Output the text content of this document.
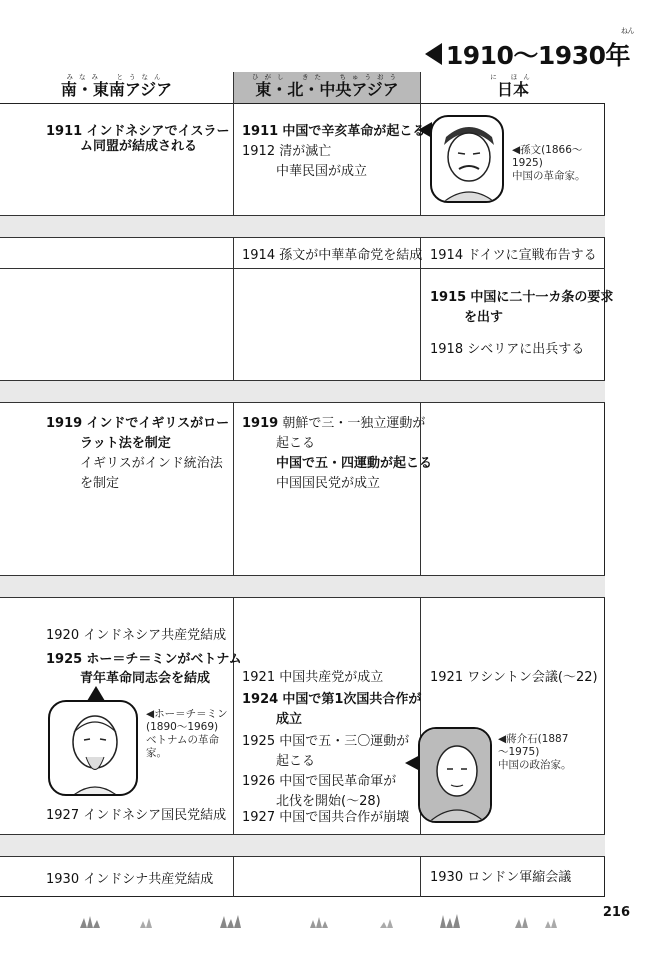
1910～1930年
ねん
みなみ　とうなん
南・東南アジア
ひがし　きた　ちゅうおう
東・北・中央アジア
に ほん
日本
1911 インドネシアでイスラー
ム同盟が結成される
1919 インドでイギリスがロー
ラット法を制定
イギリスがインド統治法
を制定
1920 インドネシア共産党結成
1925 ホー＝チ＝ミンがベトナム
青年革命同志会を結成
◀ホー＝チ＝ミン
(1890～1969)
ベトナムの革命
家。
1927 インドネシア国民党結成
1930 インドシナ共産党結成
1911 中国で辛亥革命が起こる
1912 清が滅亡
中華民国が成立
1914 孫文が中華革命党を結成
1919 朝鮮で三・一独立運動が
起こる
中国で五・四運動が起こる
中国国民党が成立
1921 中国共産党が成立
1924 中国で第1次国共合作が
成立
1925 中国で五・三〇運動が
起こる
1926 中国で国民革命軍が
北伐を開始(～28)
1927 中国で国共合作が崩壊
◀孫文(1866～
1925)
中国の革命家。
1914 ドイツに宣戦布告する
1915 中国に二十一カ条の要求
を出す
1918 シベリアに出兵する
1921 ワシントン会議(～22)
◀蔣介石(1887
～1975)
中国の政治家。
1930 ロンドン軍縮会議
216
